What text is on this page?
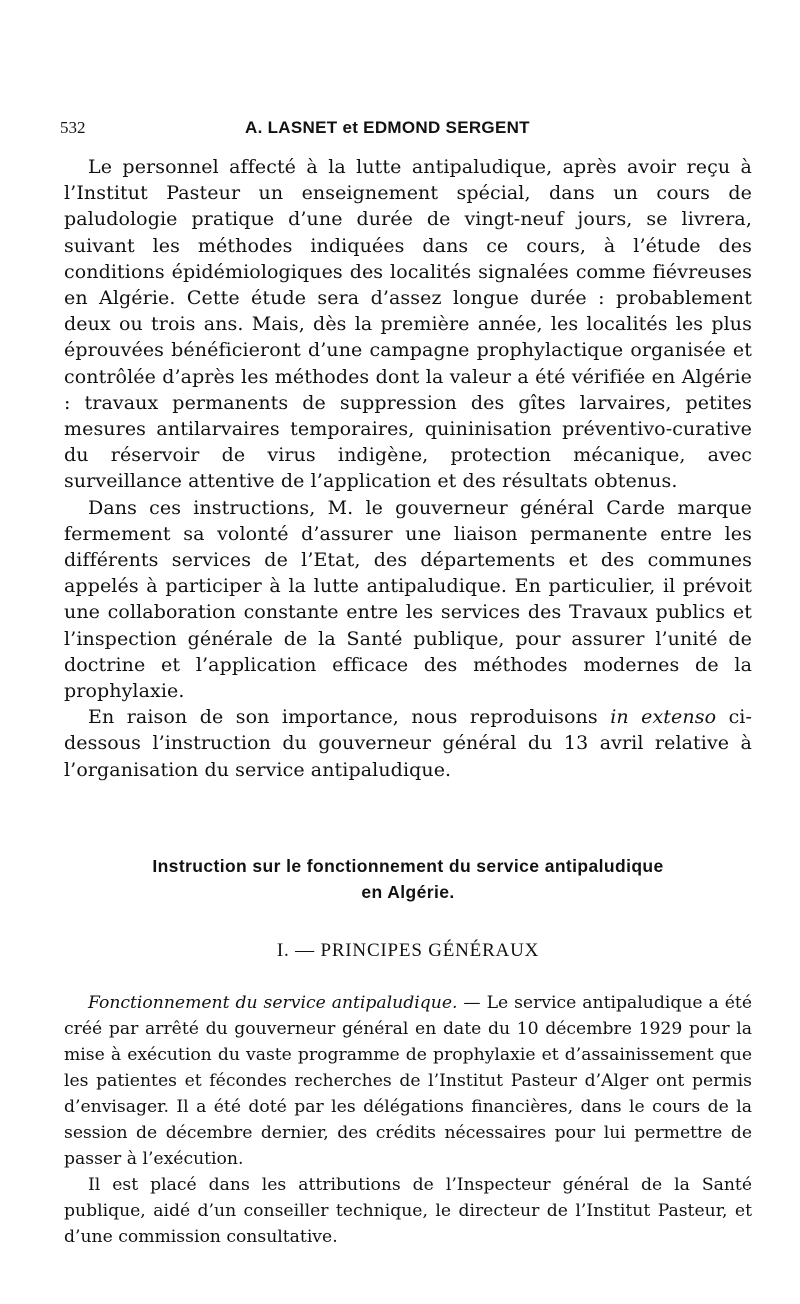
532	A. LASNET et EDMOND SERGENT

Le personnel affecté à la lutte antipaludique, après avoir reçu à l’Institut Pasteur un enseignement spécial, dans un cours de paludologie pratique d’une durée de vingt-neuf jours, se livrera, suivant les méthodes indiquées dans ce cours, à l’étude des conditions épidémiologiques des localités signalées comme fiévreuses en Algérie. Cette étude sera d’assez longue durée : probablement deux ou trois ans. Mais, dès la première année, les localités les plus éprouvées bénéficieront d’une campagne prophylactique organisée et contrôlée d’après les méthodes dont la valeur a été vérifiée en Algérie : travaux permanents de suppression des gîtes larvaires, petites mesures antilarvaires temporaires, quininisation préventivo-curative du réservoir de virus indigène, protection mécanique, avec surveillance attentive de l’application et des résultats obtenus.

Dans ces instructions, M. le gouverneur général Carde marque fermement sa volonté d’assurer une liaison permanente entre les différents services de l’Etat, des départements et des communes appelés à participer à la lutte antipaludique. En particulier, il prévoit une collaboration constante entre les services des Travaux publics et l’inspection générale de la Santé publique, pour assurer l’unité de doctrine et l’application efficace des méthodes modernes de la prophylaxie.

En raison de son importance, nous reproduisons in extenso ci-dessous l’instruction du gouverneur général du 13 avril relative à l’organisation du service antipaludique.

Instruction sur le fonctionnement du service antipaludique
en Algérie.
I. — PRINCIPES GÉNÉRAUX

Fonctionnement du service antipaludique. — Le service antipaludique a été créé par arrêté du gouverneur général en date du 10 décembre 1929 pour la mise à exécution du vaste programme de prophylaxie et d’assainissement que les patientes et fécondes recherches de l’Institut Pasteur d’Alger ont permis d’envisager. Il a été doté par les délégations financières, dans le cours de la session de décembre dernier, des crédits nécessaires pour lui permettre de passer à l’exécution.

Il est placé dans les attributions de l’Inspecteur général de la Santé publique, aidé d’un conseiller technique, le directeur de l’Institut Pasteur, et d’une commission consultative.
